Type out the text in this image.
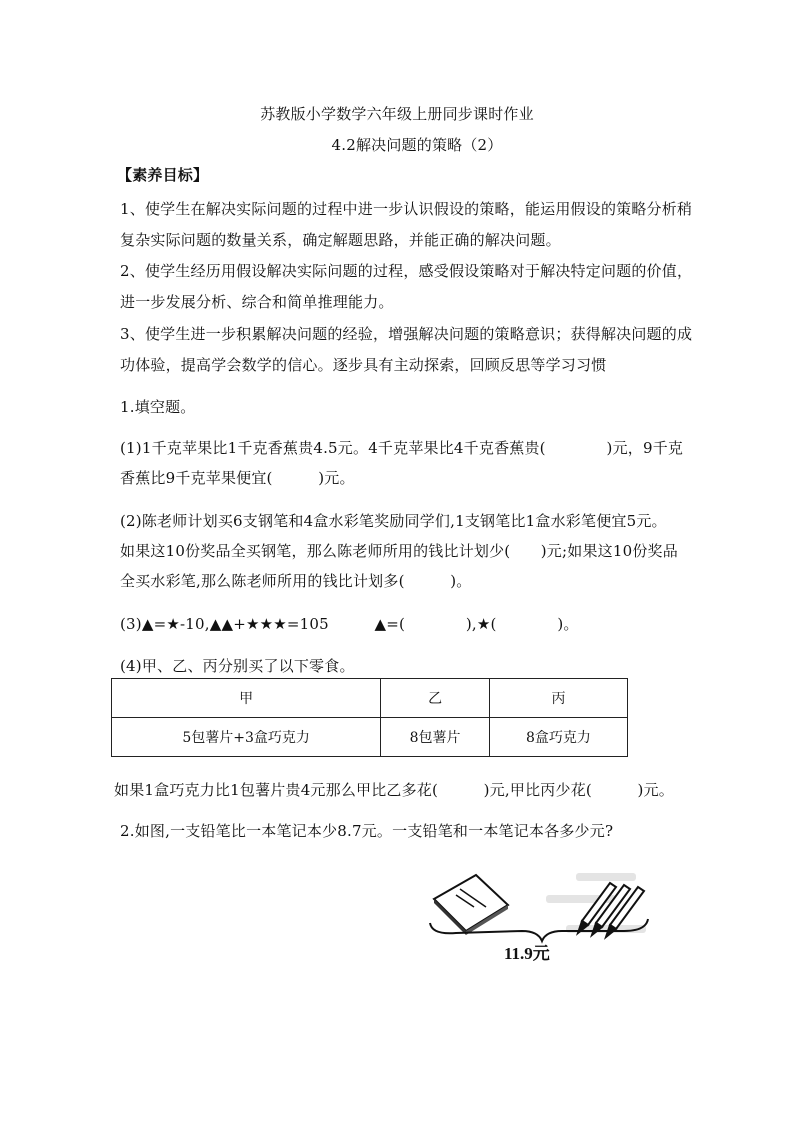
苏教版小学数学六年级上册同步课时作业
4.2解决问题的策略（2）
【素养目标】
1、使学生在解决实际问题的过程中进一步认识假设的策略，能运用假设的策略分析稍
复杂实际问题的数量关系，确定解题思路，并能正确的解决问题。
2、使学生经历用假设解决实际问题的过程，感受假设策略对于解决特定问题的价值，
进一步发展分析、综合和简单推理能力。
3、使学生进一步积累解决问题的经验，增强解决问题的策略意识；获得解决问题的成
功体验，提高学会数学的信心。逐步具有主动探索，回顾反思等学习习惯
1.填空题。
(1)1千克苹果比1千克香蕉贵4.5元。4千克苹果比4千克香蕉贵(　　　　)元，9千克
香蕉比9千克苹果便宜(　　　)元。
(2)陈老师计划买6支钢笔和4盒水彩笔奖励同学们,1支钢笔比1盒水彩笔便宜5元。
如果这10份奖品全买钢笔，那么陈老师所用的钱比计划少(　　)元;如果这10份奖品
全买水彩笔,那么陈老师所用的钱比计划多(　　　)。
(3)▲=★-10,▲▲+★★★=105　　　▲=(　　　　),★(　　　　)。
(4)甲、乙、丙分别买了以下零食。
甲	乙	丙
5包薯片+3盒巧克力	8包薯片	8盒巧克力
如果1盒巧克力比1包薯片贵4元那么甲比乙多花(　　　)元,甲比丙少花(　　　)元。
2.如图,一支铅笔比一本笔记本少8.7元。一支铅笔和一本笔记本各多少元?
11.9元
